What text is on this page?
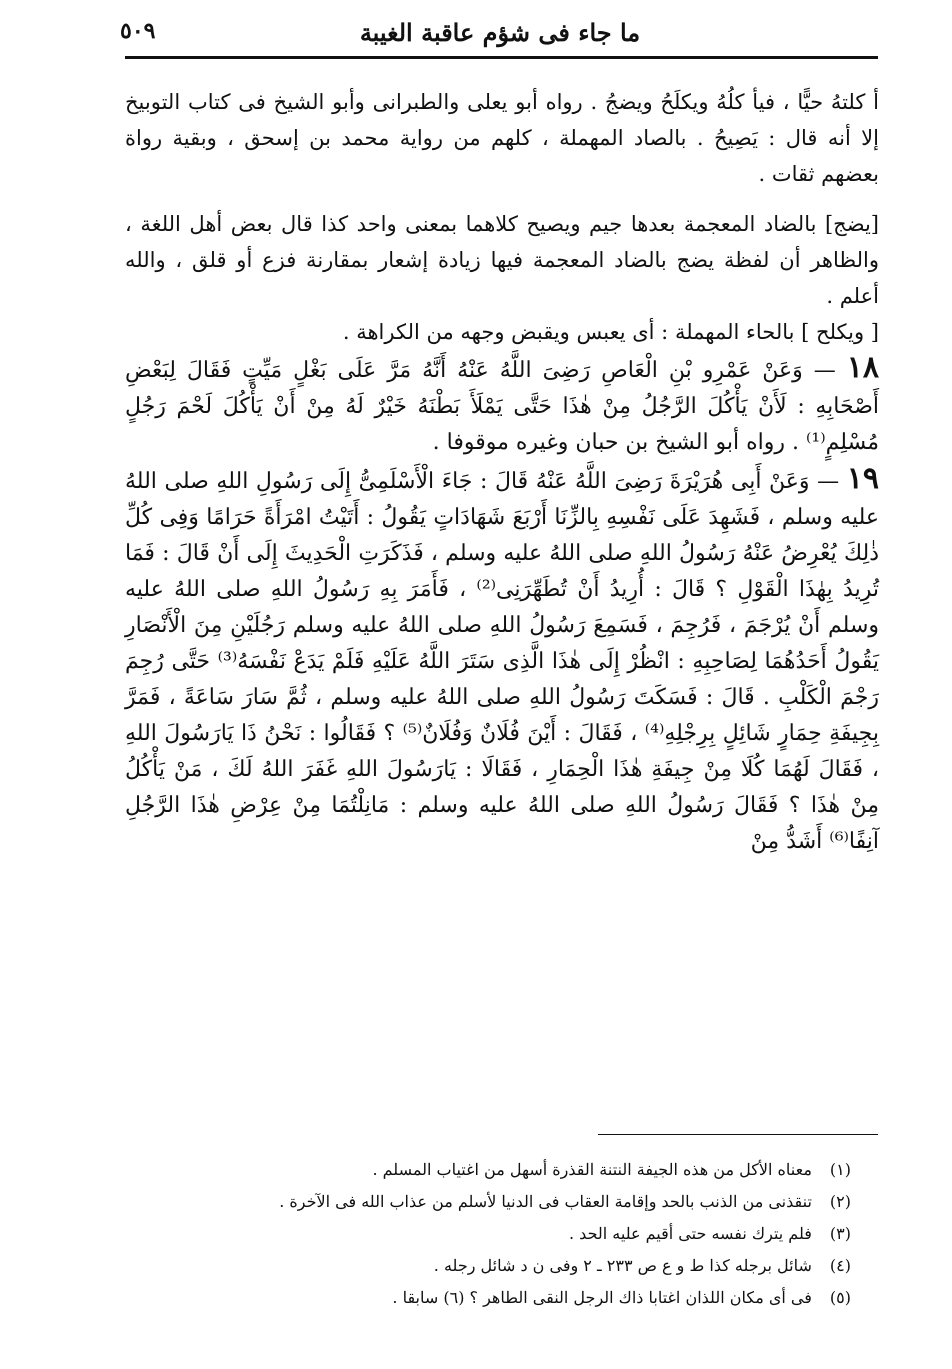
ما جاء فى شؤم عاقبة الغيبة
٥٠٩

أ كلتهُ حيًّا ، فيأ كلُهُ ويكلَحُ ويضجُ . رواه أبو يعلى والطبرانى وأبو الشيخ فى كتاب التوبيخ إلا أنه قال : يَصِيحُ . بالصاد المهملة ، كلهم من رواية محمد بن إسحق ، وبقية رواة بعضهم ثقات .

[يضج] بالضاد المعجمة بعدها جيم ويصيح كلاهما بمعنى واحد كذا قال بعض أهل اللغة ، والظاهر أن لفظة يضج بالضاد المعجمة فيها زيادة إشعار بمقارنة فزع أو قلق ، والله أعلم .

[ ويكلح ] بالحاء المهملة : أى يعبس ويقبض وجهه من الكراهة .

١٨ — وَعَنْ عَمْرِو بْنِ الْعَاصِ رَضِىَ اللَّهُ عَنْهُ أَنَّهُ مَرَّ عَلَى بَغْلٍ مَيِّتٍ فَقَالَ لِبَعْضِ أَصْحَابِهِ : لَأَنْ يَأْكُلَ الرَّجُلُ مِنْ هٰذَا حَتَّى يَمْلَأَ بَطْنَهُ خَيْرٌ لَهُ مِنْ أَنْ يَأْكُلَ لَحْمَ رَجُلٍ مُسْلِمٍ⁽¹⁾ . رواه أبو الشيخ بن حبان وغيره موقوفا .

١٩ — وَعَنْ أَبِى هُرَيْرَةَ رَضِىَ اللَّهُ عَنْهُ قَالَ : جَاءَ الْأَسْلَمِىُّ إِلَى رَسُولِ اللهِ صلى اللهُ عليه وسلم ، فَشَهِدَ عَلَى نَفْسِهِ بِالزِّنَا أَرْبَعَ شَهَادَاتٍ يَقُولُ : أَتَيْتُ امْرَأَةً حَرَامًا وَفِى كُلِّ ذٰلِكَ يُعْرِضُ عَنْهُ رَسُولُ اللهِ صلى اللهُ عليه وسلم ، فَذَكَرَتِ الْحَدِيثَ إِلَى أَنْ قَالَ : فَمَا تُرِيدُ بِهٰذَا الْقَوْلِ ؟ قَالَ : أُرِيدُ أَنْ تُطَهِّرَنِى⁽²⁾ ، فَأَمَرَ بِهِ رَسُولُ اللهِ صلى اللهُ عليه وسلم أَنْ يُرْجَمَ ، فَرُجِمَ ، فَسَمِعَ رَسُولُ اللهِ صلى اللهُ عليه وسلم رَجُلَيْنِ مِنَ الْأَنْصَارِ يَقُولُ أَحَدُهُمَا لِصَاحِبِهِ : انْظُرْ إِلَى هٰذَا الَّذِى سَتَرَ اللَّهُ عَلَيْهِ فَلَمْ يَدَعْ نَفْسَهُ⁽³⁾ حَتَّى رُجِمَ رَجْمَ الْكَلْبِ . قَالَ : فَسَكَتَ رَسُولُ اللهِ صلى اللهُ عليه وسلم ، ثُمَّ سَارَ سَاعَةً ، فَمَرَّ بِجِيفَةِ حِمَارٍ شَائِلٍ بِرِجْلِهِ⁽⁴⁾ ، فَقَالَ : أَيْنَ فُلَانٌ وَفُلَانٌ⁽⁵⁾ ؟ فَقَالُوا : نَحْنُ ذَا يَارَسُولَ اللهِ ، فَقَالَ لَهُمَا كُلَا مِنْ جِيفَةِ هٰذَا الْحِمَارِ ، فَقَالَا : يَارَسُولَ اللهِ غَفَرَ اللهُ لَكَ ، مَنْ يَأْكُلُ مِنْ هٰذَا ؟ فَقَالَ رَسُولُ اللهِ صلى اللهُ عليه وسلم : مَانِلْتُمَا مِنْ عِرْضِ هٰذَا الرَّجُلِ آنِفًا⁽⁶⁾ أَشَدُّ مِنْ

(١) معناه الأكل من هذه الجيفة النتنة القذرة أسهل من اغتياب المسلم .
(٢) تنقذنى من الذنب بالحد وإقامة العقاب فى الدنيا لأسلم من عذاب الله فى الآخرة .
(٣) فلم يترك نفسه حتى أقيم عليه الحد .
(٤) شائل برجله كذا ط و ع ص ٢٣٣ ـ ٢ وفى ن د شائل رجله .
(٥) فى أى مكان اللذان اغتابا ذاك الرجل النقى الطاهر ؟ (٦) سابقا .
